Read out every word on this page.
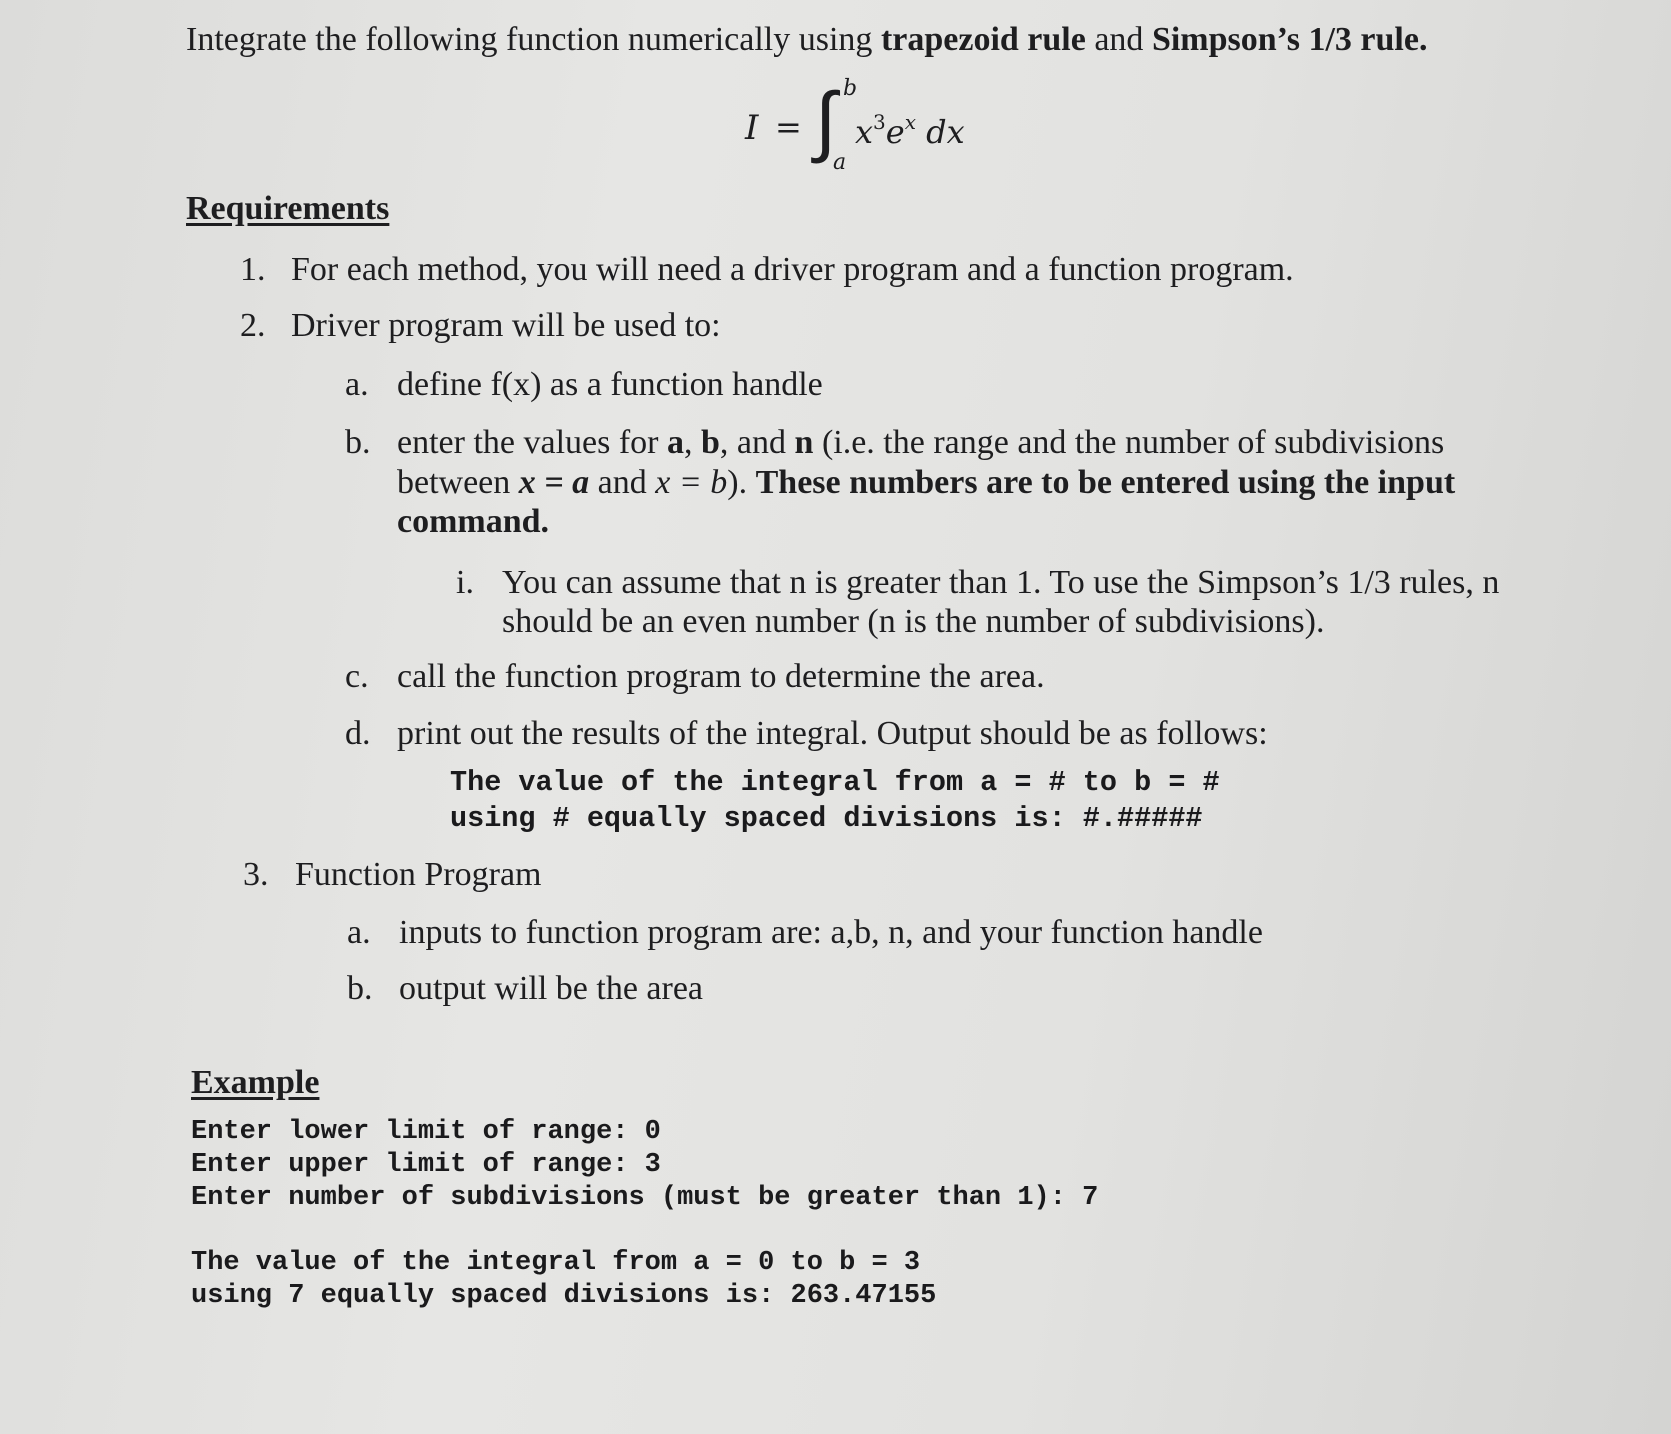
Integrate the following function numerically using trapezoid rule and Simpson’s 1/3 rule.
I = ∫ b
a
$x^3e^x$ dx
Requirements
1. For each method, you will need a driver program and a function program.
2. Driver program will be used to:
a. define f(x) as a function handle
b. enter the values for a, b, and n (i.e. the range and the number of subdivisions
between x = a and x = b). These numbers are to be entered using the input
command.
i. You can assume that n is greater than 1. To use the Simpson’s 1/3 rules, n
should be an even number (n is the number of subdivisions).
c. call the function program to determine the area.
d. print out the results of the integral. Output should be as follows:
The value of the integral from a = # to b = #
using # equally spaced divisions is: #.#####
3. Function Program
a. inputs to function program are: a,b, n, and your function handle
b. output will be the area
Example
Enter lower limit of range: 0
Enter upper limit of range: 3
Enter number of subdivisions (must be greater than 1): 7
The value of the integral from a = 0 to b = 3
using 7 equally spaced divisions is: 263.47155
